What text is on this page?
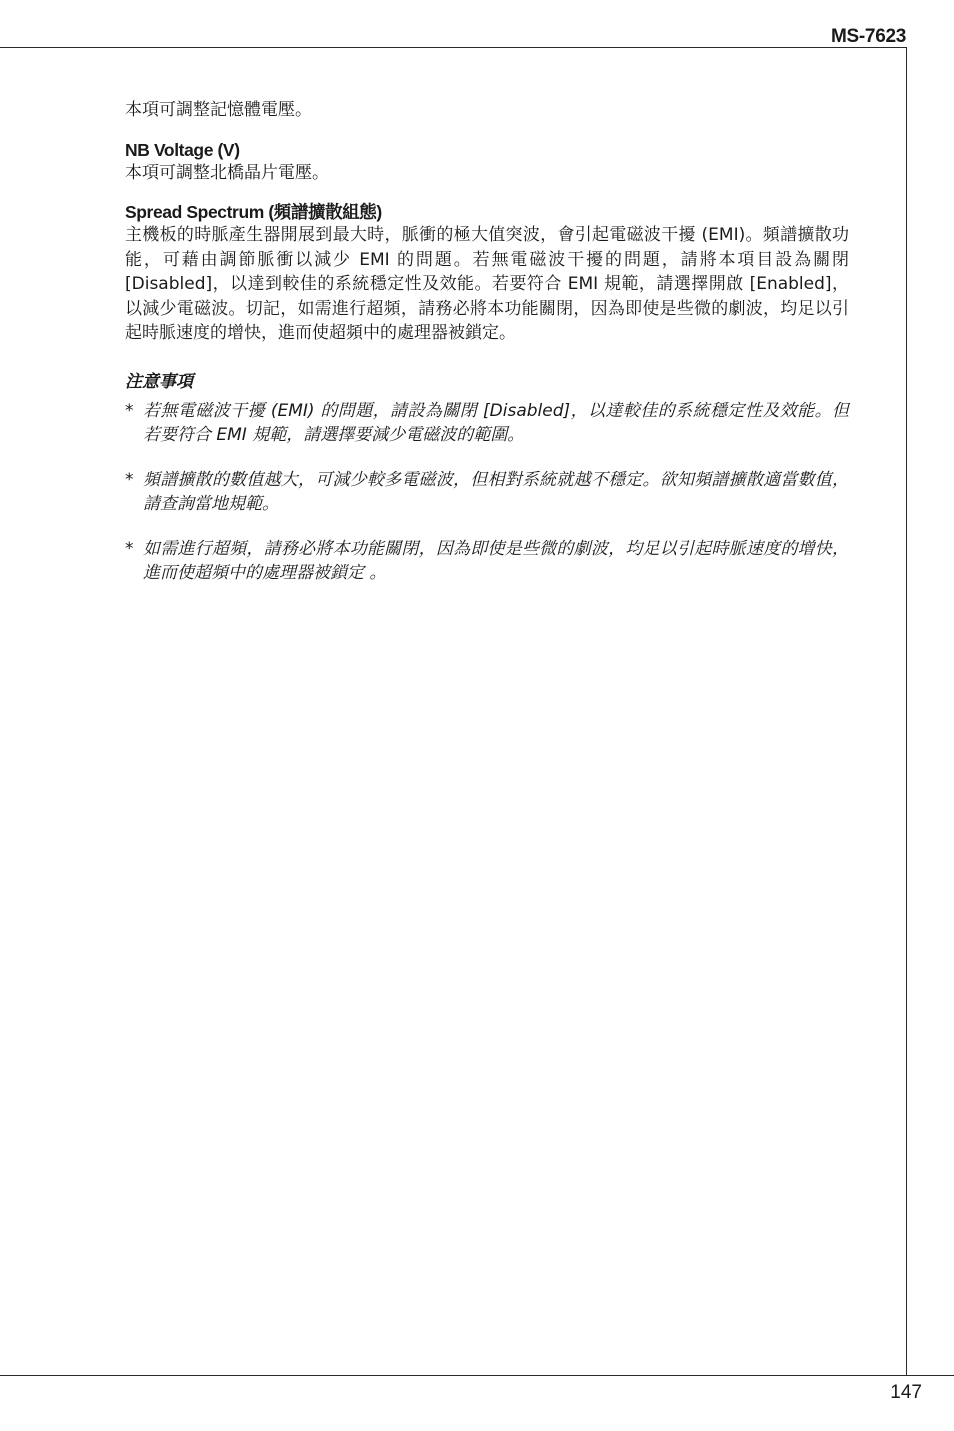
MS-7623

本項可調整記憶體電壓。

NB Voltage (V)

本項可調整北橋晶片電壓。

Spread Spectrum (頻譜擴散組態)

主機板的時脈產生器開展到最大時，脈衝的極大值突波，會引起電磁波干擾 (EMI)。頻譜擴散功能，可藉由調節脈衝以減少 EMI 的問題。若無電磁波干擾的問題，請將本項目設為關閉 [Disabled]，以達到較佳的系統穩定性及效能。若要符合 EMI 規範，請選擇開啟 [Enabled]，以減少電磁波。切記，如需進行超頻，請務必將本功能關閉，因為即使是些微的劇波，均足以引起時脈速度的增快，進而使超頻中的處理器被鎖定。

注意事項

* 若無電磁波干擾 (EMI) 的問題，請設為關閉 [Disabled]，以達較佳的系統穩定性及效能。但若要符合 EMI 規範，請選擇要減少電磁波的範圍。
* 頻譜擴散的數值越大，可減少較多電磁波，但相對系統就越不穩定。欲知頻譜擴散適當數值，請查詢當地規範。
* 如需進行超頻，請務必將本功能關閉，因為即使是些微的劇波，均足以引起時脈速度的增快，進而使超頻中的處理器被鎖定 。
147
